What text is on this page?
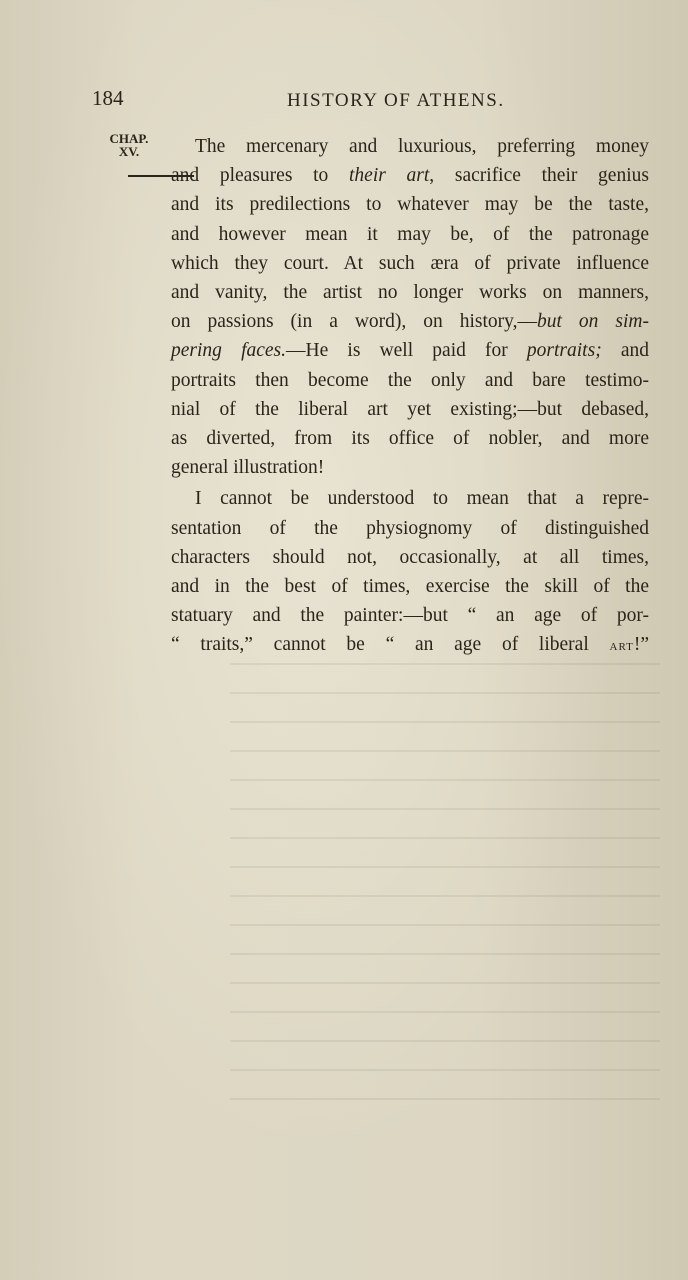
184	HISTORY OF ATHENS.
CHAP.
XV.	The mercenary and luxurious, preferring money
and pleasures to their art, sacrifice their genius
and its predilections to whatever may be the taste,
and however mean it may be, of the patronage
which they court. At such æra of private influence
and vanity, the artist no longer works on manners,
on passions (in a word), on history,—but on sim-
pering faces.—He is well paid for portraits; and
portraits then become the only and bare testimo-
nial of the liberal art yet existing;—but debased,
as diverted, from its office of nobler, and more
general illustration!
I cannot be understood to mean that a repre-
sentation of the physiognomy of distinguished
characters should not, occasionally, at all times,
and in the best of times, exercise the skill of the
statuary and the painter:—but “ an age of por-
“ traits,” cannot be “ an age of liberal art!”
